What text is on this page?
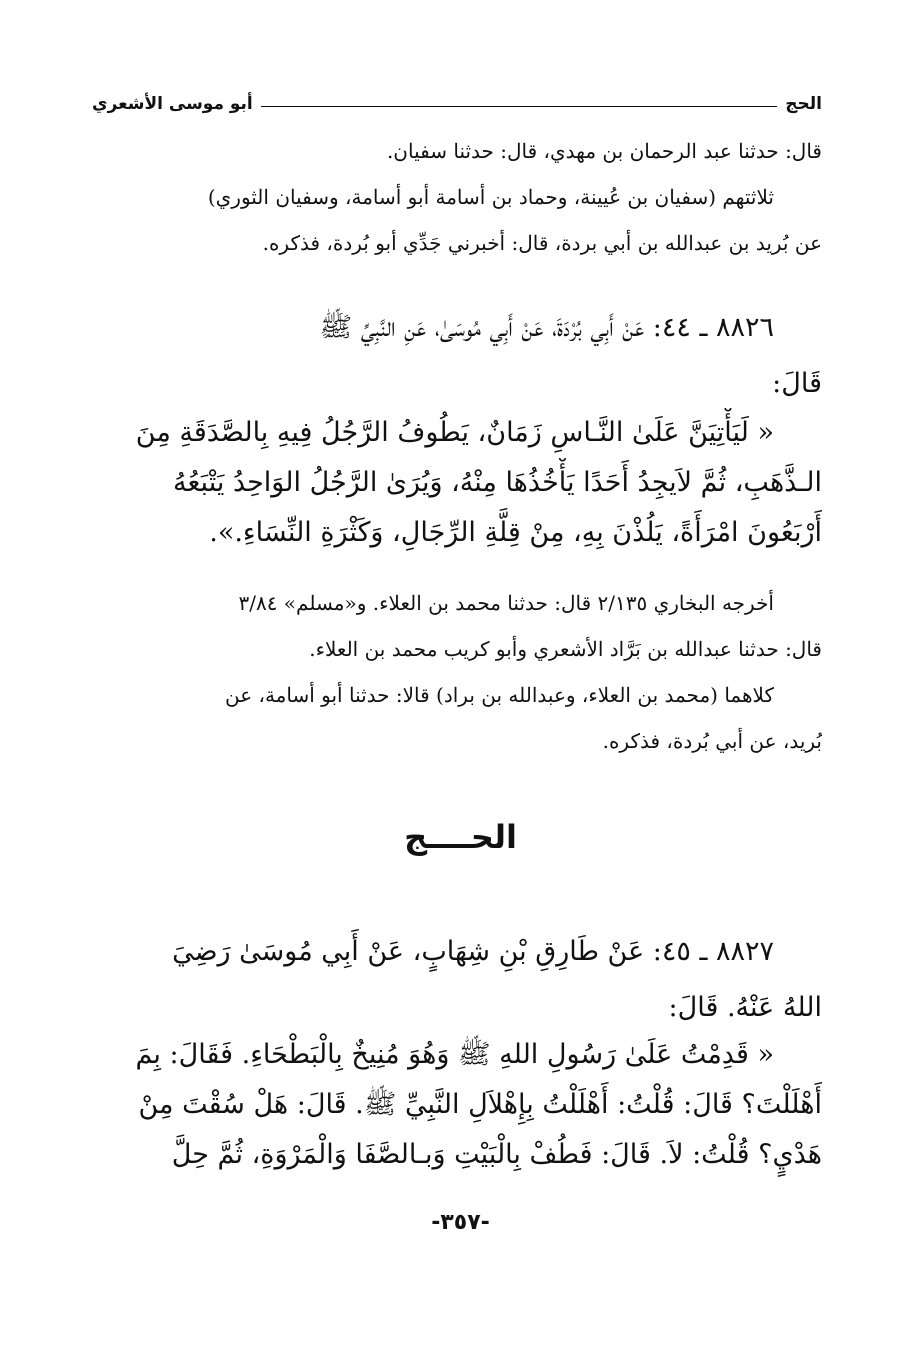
الحج
أبو موسى الأشعري
قال: حدثنا عبد الرحمان بن مهدي، قال: حدثنا سفيان.
ثلاثتهم (سفيان بن عُيينة، وحماد بن أسامة أبو أسامة، وسفيان الثوري)
عن بُريد بن عبدالله بن أبي بردة، قال: أخبرني جَدِّي أبو بُردة، فذكره.
٨٨٢٦ ـ ٤٤: عَنْ أَبِي بُرْدَةَ، عَنْ أَبِي مُوسَىٰ، عَنِ النَّبِيِّ ﷺ
قَالَ:
« لَيَأْتِيَنَّ عَلَىٰ النَّـاسِ زَمَانٌ، يَطُوفُ الرَّجُلُ فِيهِ بِالصَّدَقَةِ مِنَ
الـذَّهَبِ، ثُمَّ لاَيجِدُ أَحَدًا يَأْخُذُهَا مِنْهُ، وَيُرَىٰ الرَّجُلُ الوَاحِدُ يَتْبَعُهُ
أَرْبَعُونَ امْرَأَةً، يَلُذْنَ بِهِ، مِنْ قِلَّةِ الرِّجَالِ، وَكَثْرَةِ النِّسَاءِ.».
أخرجه البخاري ٢/١٣٥ قال: حدثنا محمد بن العلاء. و«مسلم» ٣/٨٤
قال: حدثنا عبدالله بن بَرَّاد الأشعري وأبو كريب محمد بن العلاء.
كلاهما (محمد بن العلاء، وعبدالله بن براد) قالا: حدثنا أبو أسامة، عن
بُريد، عن أبي بُردة، فذكره.
الحــــج
٨٨٢٧ ـ ٤٥: عَنْ طَارِقِ بْنِ شِهَابٍ، عَنْ أَبِي مُوسَىٰ رَضِيَ
اللهُ عَنْهُ. قَالَ:
« قَدِمْتُ عَلَىٰ رَسُولِ اللهِ ﷺ وَهُوَ مُنِيخٌ بِالْبَطْحَاءِ. فَقَالَ: بِمَ
أَهْلَلْتَ؟ قَالَ: قُلْتُ: أَهْلَلْتُ بِإِهْلاَلِ النَّبِيِّ ﷺ. قَالَ: هَلْ سُقْتَ مِنْ
هَدْيٍ؟ قُلْتُ: لاَ. قَالَ: فَطُفْ بِالْبَيْتِ وَبـالصَّفَا وَالْمَرْوَةِ، ثُمَّ حِلَّ
-٣٥٧-
